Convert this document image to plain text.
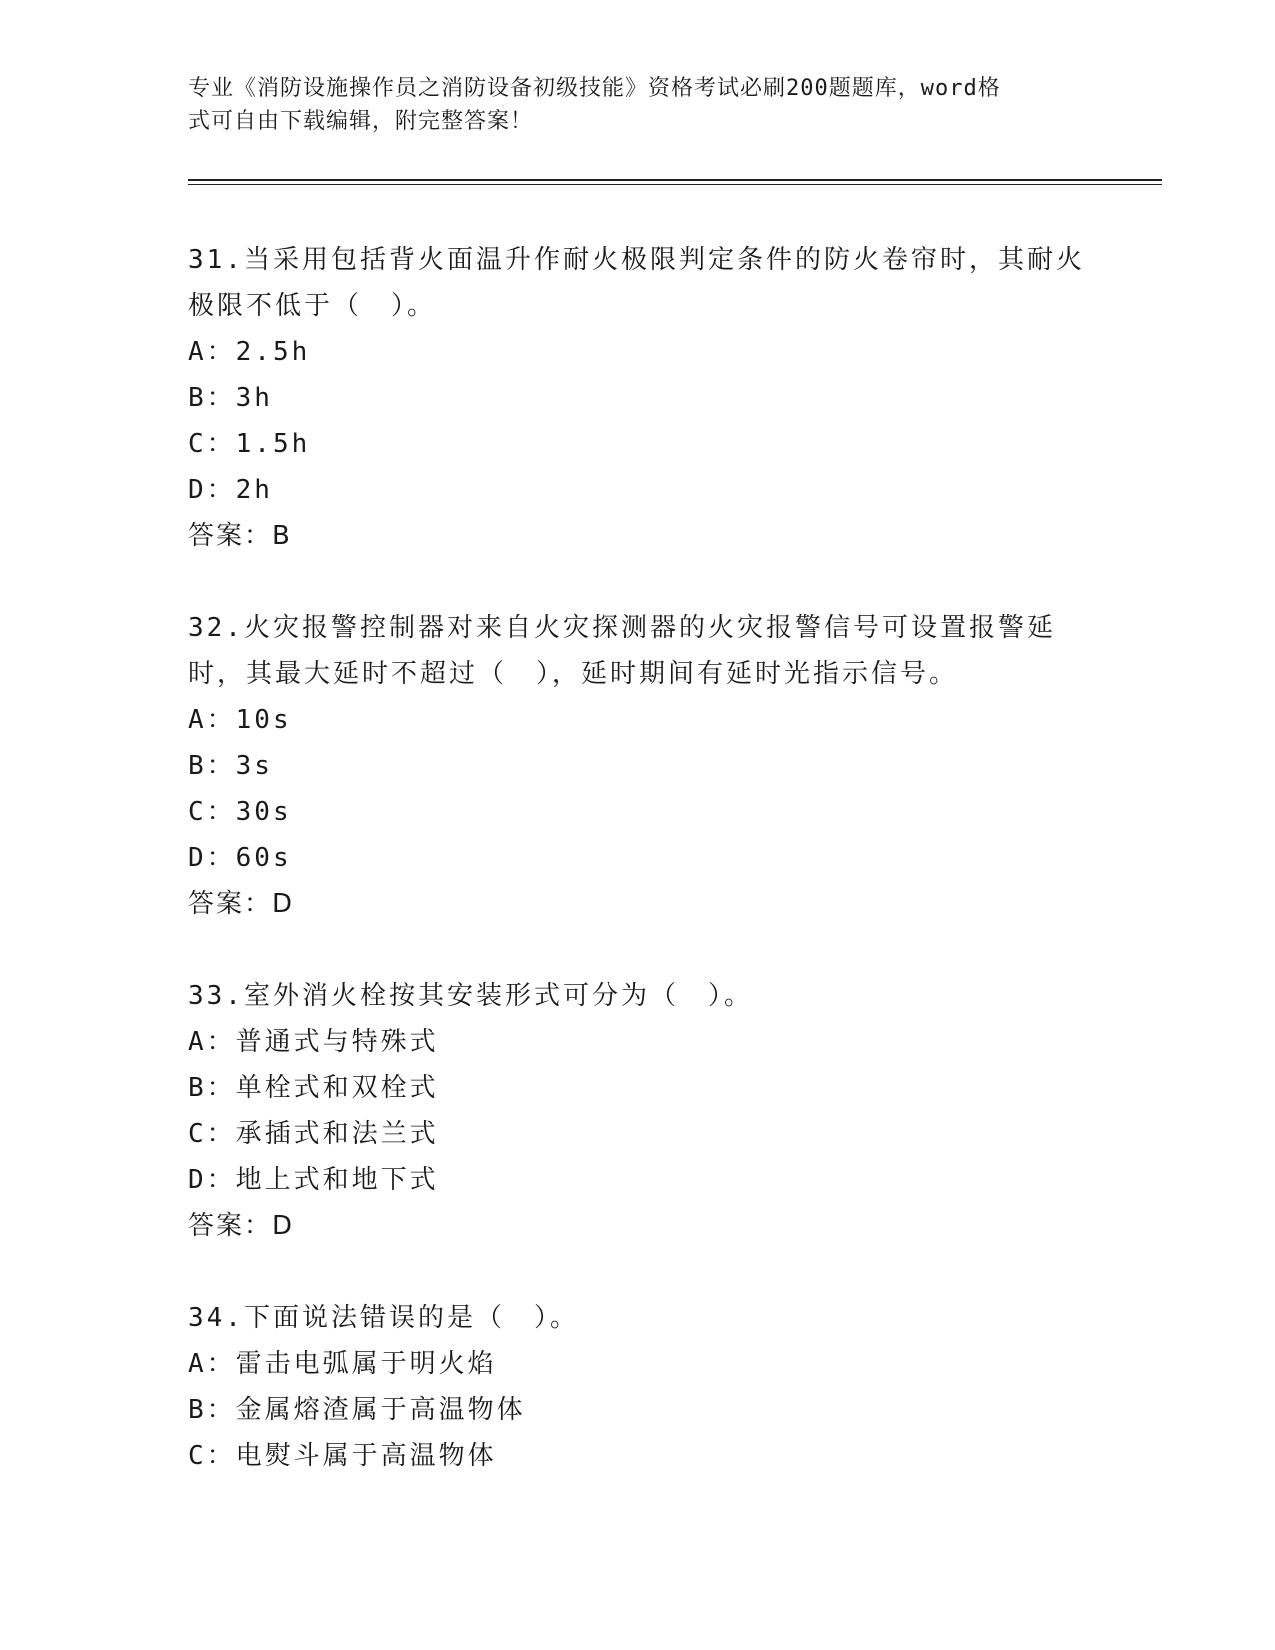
专业《消防设施操作员之消防设备初级技能》资格考试必刷200题题库，word格
式可自由下载编辑，附完整答案！
31.当采用包括背火面温升作耐火极限判定条件的防火卷帘时，其耐火极限不低于（　）。
A：2.5h
B：3h
C：1.5h
D：2h
答案：B
32.火灾报警控制器对来自火灾探测器的火灾报警信号可设置报警延时，其最大延时不超过（　），延时期间有延时光指示信号。
A：10s
B：3s
C：30s
D：60s
答案：D
33.室外消火栓按其安装形式可分为（　）。
A：普通式与特殊式
B：单栓式和双栓式
C：承插式和法兰式
D：地上式和地下式
答案：D
34.下面说法错误的是（　）。
A：雷击电弧属于明火焰
B：金属熔渣属于高温物体
C：电熨斗属于高温物体
